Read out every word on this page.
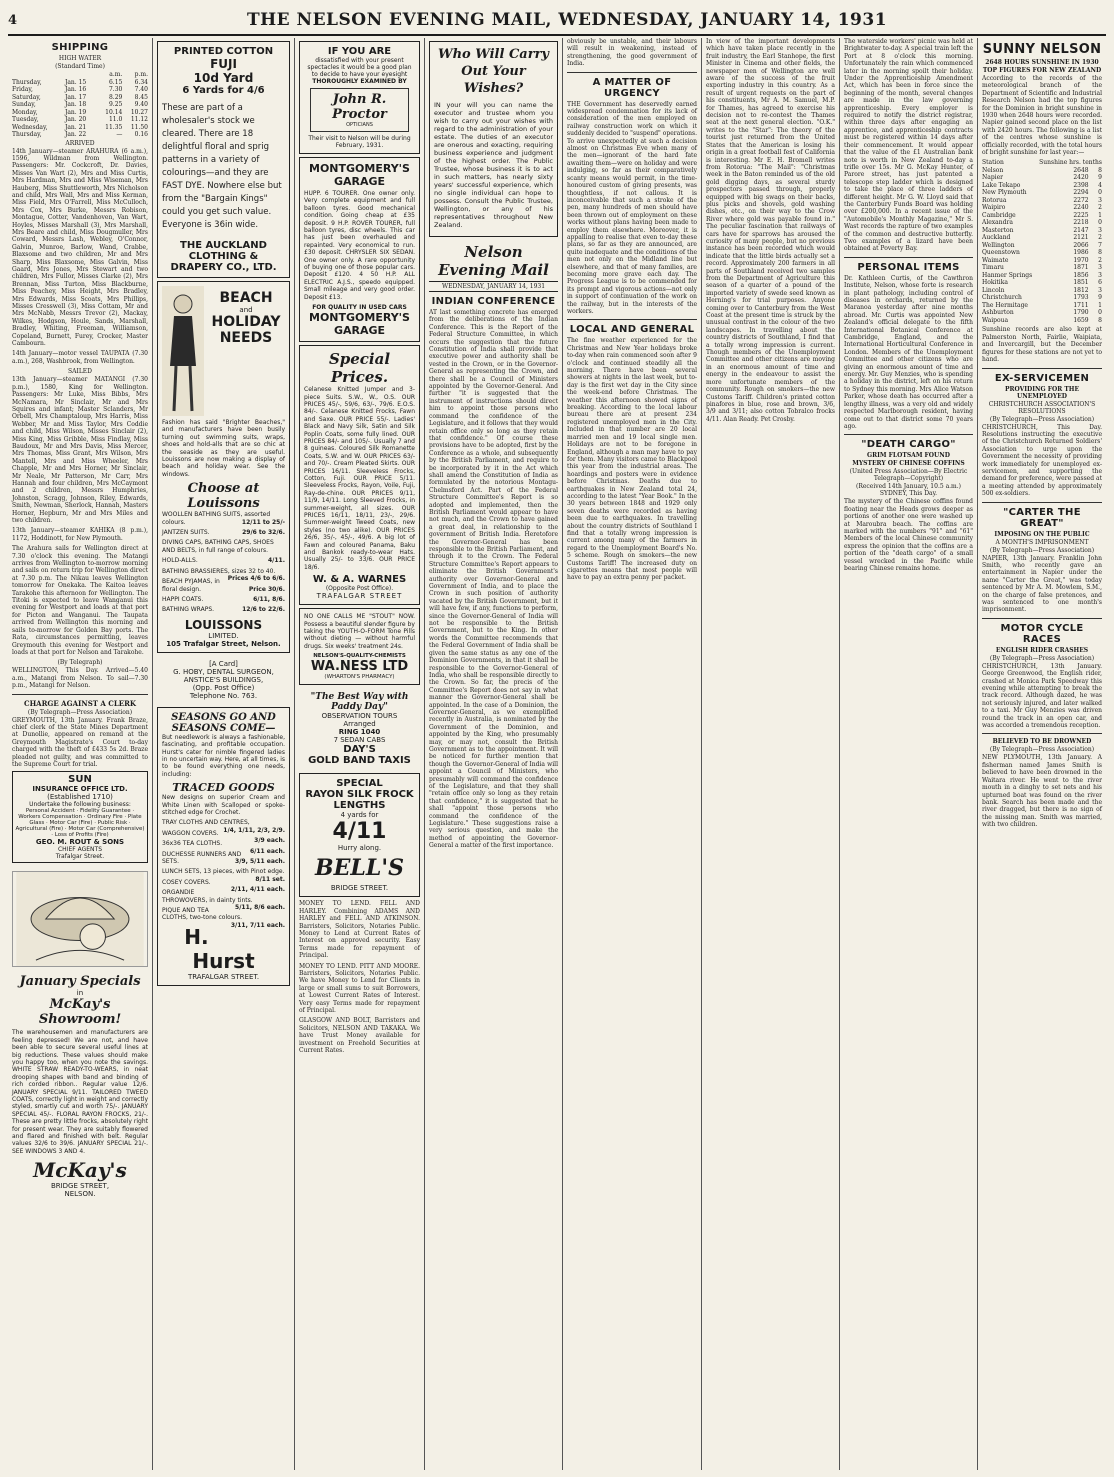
4	THE NELSON EVENING MAIL, WEDNESDAY, JANUARY 14, 1931
SHIPPING
HIGH WATER
(Standard Time)
		a.m.	p.m.
Thursday,	Jan. 15	6.15	6.34
Friday,	Jan. 16	7.30	7.40
Saturday,	Jan. 17	8.29	8.45
Sunday,	Jan. 18	9.25	9.40
Monday,	Jan. 19	10.14	10.27
Tuesday,	Jan. 20	11.0	11.12
Wednesday,	Jan. 21	11.35	11.50
Thursday,	Jan. 22	—	0.16
ARRIVED
14th January—steamer ARAHURA (6 a.m.), 1596, Wildman from Wellington. Passengers: Mr. Cockcroft, Dr. Davies, Misses Van Wart (2), Mrs and Miss Curtis, Mrs Hardman, Mrs and Miss Wiseman, Mrs Hauberg, Miss Shuttleworth, Mrs Nicholson and child, Mrs Wall, Mrs and Miss Kerman, Miss Field, Mrs O'Farrell, Miss McCulloch, Mrs Cox, Mrs Burke, Messrs Robison, Montague, Cotter, Vandenhoven, Van Wart, Hoyles, Misses Marshall (3), Mrs Marshall, Mrs Beare and child, Miss Dougmuller, Mrs Coward, Messrs Lash, Webley, O'Connor, Galvin, Munroe, Barlow, Wand, Crabbe, Blaxsome and two children, Mr and Mrs Sharp, Miss Blaxsome, Miss Galvin, Miss Gaard, Mrs Jones, Mrs Stewart and two children, Mrs Fullor, Misses Clarke (2), Mrs Brennan, Miss Turton, Miss Blackburne, Miss Peachey, Miss Height, Mrs Bradley, Mrs Edwards, Miss Scoats, Mrs Phillips, Misses Cresswell (3), Miss Cottam, Mr and Mrs McNabb, Messrs Trevor (2), Mackay, Wilkes, Hodgson, Houle, Sands, Marshall, Bradley, Whiting, Freeman, Williamson, Copeland, Burnett, Furey, Crocker, Master Cambourn.
14th January—motor vessel TAUPATA (7.30 a.m.), 268, Washbrook, from Wellington.
SAILED
13th January—steamer MATANGI (7.30 p.m.), 1580, King for Wellington. Passengers: Mr Luke, Miss Bibbs, Mrs McNamara, Mr Sinclair, Mr and Mrs Squires and infant; Master Sclanders, Mr Orbell, Mrs Champtaloup, Mrs Harris, Miss Webber, Mr and Miss Taylor, Mrs Coddie and child, Miss Wilson, Misses Sinclair (2), Miss King, Miss Gribble, Miss Findlay, Miss Baudoux, Mr and Mrs Davis, Miss Mercer, Mrs Thomas, Miss Grant, Mrs Wilson, Mrs Mantell, Mrs and Miss Wheeler, Mrs Chapple, Mr and Mrs Horner, Mr Sinclair, Mr Neale, Mr Patterson, Mr Carr, Mrs Hannah and four children, Mrs McCaymont and 2 children, Messrs Humphries, Johnston, Scragg, Johnson, Riley, Edwards, Smith, Newman, Sherlock, Hannah, Masters Horner, Hepburn, Mr and Mrs Miles and two children.
13th January—steamer KAHIKA (8 p.m.), 1172, Hoddinott, for New Plymouth.
The Arahura sails for Wellington direct at 7.30 o'clock this evening. The Matangi arrives from Wellington to-morrow morning and sails on return trip for Wellington direct at 7.30 p.m. The Nikau leaves Wellington tomorrow for Onekaka. The Kaitoa leaves Tarakohe this afternoon for Wellington. The Titoki is expected to leave Wanganui this evening for Westport and loads at that port for Picton and Wanganui. The Taupata arrived from Wellington this morning and sails to-morrow for Golden Bay ports. The Rata, circumstances permitting, leaves Greymouth this evening for Westport and loads at that port for Nelson and Tarakohe.
(By Telegraph)
WELLINGTON, This Day. Arrived—5.40 a.m., Matangi from Nelson. To sail—7.30 p.m., Matangi for Nelson.
CHARGE AGAINST A CLERK
(By Telegraph—Press Association)
GREYMOUTH, 13th January. Frank Braze, chief clerk of the State Mines Department at Dunollie, appeared on remand at the Greymouth Magistrate's Court to-day charged with the theft of £433 5s 2d. Braze pleaded not guilty, and was committed to the Supreme Court for trial.
SUN
INSURANCE OFFICE LTD.
(Established 1710)
Undertake the following business:
Personal Accident · Fidelity Guarantee · Workers Compensation · Ordinary Fire · Plate Glass · Motor Car (Fire) · Public Risk · Agricultural (Fire) · Motor Car (Comprehensive) · Loss of Profits (Fire)
GEO. M. ROUT & SONS
CHIEF AGENTS
Trafalgar Street.
January Specials
in
McKay's Showroom!
The warehousemen and manufacturers are feeling depressed! We are not, and have been able to secure several useful lines at big reductions. These values should make you happy too, when you note the savings. WHITE STRAW READY-TO-WEARS, in neat drooping shapes with band and binding of rich corded ribbon.. Regular value 12/6. JANUARY SPECIAL 9/11. TAILORED TWEED COATS, correctly light in weight and correctly styled, smartly cut and worth 75/-. JANUARY SPECIAL 45/-. FLORAL RAYON FROCKS, 21/-. These are pretty little frocks, absolutely right for present wear. They are suitably flowered and flared and finished with belt. Regular values 32/6 to 39/6. JANUARY SPECIAL 21/-. SEE WINDOWS 3 AND 4.
McKay's
BRIDGE STREET,
NELSON.
PRINTED COTTON
FUJI
10d Yard
6 Yards for 4/6
These are part of a wholesaler's stock we cleared. There are 18 delightful floral and sprig patterns in a variety of colourings—and they are FAST DYE. Nowhere else but from the "Bargain Kings" could you get such value. Everyone is 36in wide.
THE AUCKLAND
CLOTHING & DRAPERY CO., LTD.
BEACH
and
HOLIDAY
NEEDS
Fashion has said "Brighter Beaches," and manufacturers have been busily turning out swimming suits, wraps, shoes and hold-alls that are so chic at the seaside as they are useful. Louissons are now making a display of beach and holiday wear. See the windows.
Choose at Louissons
WOOLLEN BATHING SUITS, assorted colours.	12/11 to 25/-
JANTZEN SUITS.	29/6 to 32/6.
DIVING CAPS, BATHING CAPS, SHOES AND BELTS, in full range of colours.
HOLD-ALLS.	4/11.
BATHING BRASSIERES, sizes 32 to 40.
Prices 4/6 to 6/6.
BEACH PYJAMAS, in floral design.	Price 30/6.
HAPPI COATS.	6/11, 8/6.
BATHING WRAPS.	12/6 to 22/6.
LOUISSONS
LIMITED.
105 Trafalgar Street, Nelson.
[A Card]
G. HOBY, DENTAL SURGEON,
ANSTICE'S BUILDINGS,
(Opp. Post Office)
Telephone No. 763.
SEASONS GO AND SEASONS COME—
But needlework is always a fashionable, fascinating, and profitable occupation. Hurst's cater for nimble fingered ladies in no uncertain way. Here, at all times, is to be found everything one needs, including:
TRACED GOODS
New designs on superior Cream and White Linen with Scalloped or spoke-stitched edge for Crochet.
TRAY CLOTHS AND CENTRES,
1/4, 1/11, 2/3, 2/9.
WAGGON COVERS.
3/9 each.
36x36 TEA CLOTHS.
6/11 each.
DUCHESSE RUNNERS AND SETS.	3/9, 5/11 each.
LUNCH SETS, 13 pieces, with Pinot edge.
8/11 set.
COSEY COVERS.
2/11, 4/11 each.
ORGANDIE THROWOVERS, in dainty tints.
5/11, 8/6 each.
PIQUE AND TEA CLOTHS, two-tone colours.
3/11, 7/11 each.
H. Hurst
TRAFALGAR STREET.
IF YOU ARE
dissatisfied with your present spectacles it would be a good plan to decide to have your eyesight
THOROUGHLY EXAMINED BY
John R. Proctor
OPTICIANS
Their visit to Nelson will be during February, 1931.
MONTGOMERY'S GARAGE
HUPP. 6 TOURER. One owner only. Very complete equipment and full balloon tyres. Good mechanical condition. Going cheap at £35 deposit. 9 H.P. ROVER TOURER, full balloon tyres, disc wheels. This car has just been overhauled and repainted. Very economical to run. £30 deposit. CHRYSLER SIX SEDAN. One owner only. A rare opportunity of buying one of those popular cars. Deposit £120. 4 50 H.P. ALL ELECTRIC A.J.S., speedo equipped. Small mileage and very good order. Deposit £13.
FOR QUALITY IN USED CARS
MONTGOMERY'S GARAGE
Special Prices.
Celanese Knitted Jumper and 3-piece Suits. S.W., W., O.S. OUR PRICES 45/-, 59/6, 63/-, 79/6. E.O.S. 84/-. Celanese Knitted Frocks, Fawn and Saxe. OUR PRICE 55/-. Ladies' Black and Navy Silk, Satin and Silk Poplin Coats, some fully lined. OUR PRICES 84/- and 105/-. Usually 7 and 8 guineas. Coloured Silk Romanette Coats, S.W. and W. OUR PRICES 63/- and 70/-. Cream Pleated Skirts. OUR PRICES 16/11. Sleeveless Frocks, Cotton, Fuji. OUR PRICE 5/11. Sleeveless Frocks, Rayon, Voile, Fuji, Ray-de-chine. OUR PRICES 9/11, 11/9, 14/11. Long Sleeved Frocks, in summer-weight, all sizes. OUR PRICES 16/11, 18/11, 23/-, 29/6. Summer-weight Tweed Coats, new styles (no two alike). OUR PRICES 26/6, 35/-, 45/-, 49/6. A big lot of Fawn and coloured Panama, Baku and Bankok ready-to-wear Hats. Usually 25/- to 33/6. OUR PRICE 18/6.
W. & A. WARNES
(Opposite Post Office).
TRAFALGAR STREET
NO ONE CALLS ME "STOUT" NOW. Possess a beautiful slender figure by taking the YOUTH-O-FORM Tone Pills without dieting — without harmful drugs. Six weeks' treatment 24s.
NELSON'S-QUALITY-CHEMISTS
WA.NESS LTD
(WHARTON'S PHARMACY)
"The Best Way with Paddy Day"
OBSERVATION TOURS
Arranged
RING 1040
7 SEDAN CABS
DAY'S
GOLD BAND TAXIS
SPECIAL
RAYON SILK FROCK
LENGTHS
4 yards for
4/11
Hurry along.
BELL'S
BRIDGE STREET.
MONEY TO LEND. FELL AND HARLEY. Combining ADAMS AND HARLEY and FELL AND ATKINSON. Barristers, Solicitors, Notaries Public. Money to Lend at Current Rates of Interest on approved security. Easy Terms made for repayment of Principal.
MONEY TO LEND. PITT AND MOORE. Barristers, Solicitors, Notaries Public. We have Money to Lend for Clients in large or small sums to suit Borrowers, at Lowest Current Rates of Interest. Very easy Terms made for repayment of Principal.
GLASGOW AND BOLT, Barristers and Solicitors, NELSON AND TAKAKA. We have Trust Money available for investment on Freehold Securities at Current Rates.
Who Will Carry Out Your Wishes?
IN your will you can name the executor and trustee whom you wish to carry out your wishes with regard to the administration of your estate. The duties of an executor are onerous and exacting, requiring business experience and judgment of the highest order. The Public Trustee, whose business it is to act in such matters, has nearly sixty years' successful experience, which no single individual can hope to possess. Consult the Public Trustee, Wellington, or any of his representatives throughout New Zealand.
Nelson Evening Mail
WEDNESDAY, JANUARY 14, 1931
INDIAN CONFERENCE
AT last something concrete has emerged from the deliberations of the Indian Conference. This is the Report of the Federal Structure Committee, in which occurs the suggestion that the future Constitution of India shall provide that executive power and authority shall be vested in the Crown, or in the Governor-General as representing the Crown, and there shall be a Council of Ministers appointed by the Governor-General. And further "it is suggested that the instrument of instructions should direct him to appoint those persons who command the confidence of the Legislature, and it follows that they would retain office only so long as they retain that confidence." Of course these provisions have to be adopted, first by the Conference as a whole, and subsequently by the British Parliament, and require to be incorporated by it in the Act which shall amend the Constitution of India as formulated by the notorious Montagu-Chelmsford Act. Part of the Federal Structure Committee's Report is so adopted and implemented, then the British Parliament would appear to have not much, and the Crown to have gained a great deal, in relationship to the government of British India. Heretofore the Governor-General has been responsible to the British Parliament, and through it to the Crown. The Federal Structure Committee's Report appears to eliminate the British Government's authority over Governor-General and Government of India, and to place the Crown in such position of authority vacated by the British Government, but it will have few, if any, functions to perform, since the Governor-General of India will not be responsible to the British Government, but to the King. In other words the Committee recommends that the Federal Government of India shall be given the same status as any one of the Dominion Governments, in that it shall be responsible to the Governor-General of India, who shall be responsible directly to the Crown. So far, the precis of the Committee's Report does not say in what manner the Governor-General shall be appointed. In the case of a Dominion, the Governor-General, as we exemplified recently in Australia, is nominated by the Government of the Dominion, and appointed by the King, who presumably may, or may not, consult the British Government as to the appointment. It will be noticed for further mention that though the Governor-General of India will appoint a Council of Ministers, who presumably will command the confidence of the Legislature, and that they shall "retain office only so long as they retain that confidence," it is suggested that he shall "appoint those persons who command the confidence of the Legislature." These suggestions raise a very serious question, and make the method of appointing the Governor-General a matter of the first importance.
obviously be unstable, and their labours will result in weakening, instead of strengthening, the good government of India.
A MATTER OF URGENCY
THE Government has deservedly earned widespread condemnation for its lack of consideration of the men employed on railway construction work on which it suddenly decided to "suspend" operations. To arrive unexpectedly at such a decision almost on Christmas Eve when many of the men—ignorant of the hard fate awaiting them—were on holiday and were indulging, so far as their comparatively scanty means would permit, in the time-honoured custom of giving presents, was thoughtless, if not callous. It is inconceivable that such a stroke of the pen, many hundreds of men should have been thrown out of employment on these works without plans having been made to employ them elsewhere. Moreover, it is appalling to realise that even to-day these plans, so far as they are announced, are quite inadequate and the conditions of the men not only on the Midland line but elsewhere, and that of many families, are becoming more grave each day. The Progress League is to be commended for its prompt and vigorous actions—not only in support of continuation of the work on the railway, but in the interests of the workers.
LOCAL AND GENERAL
The fine weather experienced for the Christmas and New Year holidays broke to-day when rain commenced soon after 9 o'clock and continued steadily all the morning. There have been several showers at nights in the last week, but to-day is the first wet day in the City since the week-end before Christmas. The weather this afternoon showed signs of breaking. According to the local labour bureau there are at present 234 registered unemployed men in the City. Included in that number are 20 local married men and 19 local single men. Holidays are not to be foregone in England, although a man may have to pay for them. Many visitors came to Blackpool this year from the industrial areas. The hoardings and posters were in evidence before Christmas. Deaths due to earthquakes in New Zealand total 24, according to the latest "Year Book." In the 30 years between 1848 and 1929 only seven deaths were recorded as having been due to earthquakes. In travelling about the country districts of Southland I find that a totally wrong impression is current among many of the farmers in regard to the Unemployment Board's No. 5 scheme. Rough on smokers—the new Customs Tariff! The increased duty on cigarettes means that most people will have to pay an extra penny per packet.
In view of the important developments which have taken place recently in the fruit industry, the Earl Stanhope, the first Minister in Cinema and other fields, the newspaper men of Wellington are well aware of the success of the fruit exporting industry in this country. As a result of urgent requests on the part of his constituents, Mr A. M. Samuel, M.P. for Thames, has agreed to exercise his decision not to re-contest the Thames seat at the next general election. "O.K." writes to the "Star": The theory of the tourist just returned from the United States that the American is losing his origin in a great football fest of California is interesting. Mr E. H. Bromell writes from Rotorua: "The Mail": "Christmas week in the Baton reminded us of the old gold digging days, as several sturdy prospectors passed through, properly equipped with big swags on their backs, plus picks and shovels, gold washing dishes, etc., on their way to the Crow River where gold was payable found in." The peculiar fascination that railways of cars have for sparrows has aroused the curiosity of many people, but no previous instance has been recorded which would indicate that the little birds actually set a record. Approximately 200 farmers in all parts of Southland received two samples from the Department of Agriculture this season of a quarter of a pound of the imported variety of swede seed known as Herning's for trial purposes. Anyone coming over to Canterbury from the West Coast at the present time is struck by the unusual contrast in the colour of the two landscapes. In travelling about the country districts of Southland, I find that a totally wrong impression is current. Though members of the Unemployment Committee and other citizens are moving in an enormous amount of time and energy in the endeavour to assist the more unfortunate members of the community. Rough on smokers—the new Customs Tariff. Children's printed cotton pinafores in blue, rose and brown, 3/6, 3/9 and 3/11; also cotton Tobralco frocks 4/11. Alan Ready. Pet Crosby.
The waterside workers' picnic was held at Brightwater to-day. A special train left the Port at 8 o'clock this morning. Unfortunately the rain which commenced later in the morning spoilt their holiday. Under the Apprenticeship Amendment Act, which has been in force since the beginning of the month, several changes are made in the law governing apprenticeship. Every employer is required to notify the district registrar, within three days after engaging an apprentice, and apprenticeship contracts must be registered within 14 days after their commencement. It would appear that the value of the £1 Australian bank note is worth in New Zealand to-day a trifle over 15s. Mr G. McKay Hunter, of Parore street, has just patented a telescope step ladder which is designed to take the place of three ladders of different height. Mr G. W. Lloyd said that the Canterbury Funds Board was holding over £200,000. In a recent issue of the "Automobile's Monthly Magazine," Mr S. Wast records the rapture of two examples of the common and destructive butterfly. Two examples of a lizard have been obtained at Poverty Bay.
PERSONAL ITEMS
Dr. Kathleen Curtis, of the Cawthron Institute, Nelson, whose forte is research in plant pathology, including control of diseases in orchards, returned by the Maranoa yesterday after nine months abroad. Mr. Curtis was appointed New Zealand's official delegate to the fifth International Botanical Conference at Cambridge, England, and the International Horticultural Conference in London. Members of the Unemployment Committee and other citizens who are giving an enormous amount of time and energy. Mr. Guy Menzies, who is spending a holiday in the district, left on his return to Sydney this morning. Mrs Alice Watson Parker, whose death has occurred after a lengthy illness, was a very old and widely respected Marlborough resident, having come out to that district some 70 years ago.
"DEATH CARGO"
GRIM FLOTSAM FOUND
MYSTERY OF CHINESE COFFINS
(United Press Association—By Electric Telegraph—Copyright)
(Received 14th January, 10.5 a.m.) SYDNEY, This Day.
The mystery of the Chinese coffins found floating near the Heads grows deeper as portions of another one were washed up at Maroubra beach. The coffins are marked with the numbers "91" and "61" Members of the local Chinese community express the opinion that the coffins are a portion of the "death cargo" of a small vessel wrecked in the Pacific while bearing Chinese remains home.
SUNNY NELSON
2648 HOURS SUNSHINE IN 1930
TOP FIGURES FOR NEW ZEALAND
According to the records of the meteorological branch of the Department of Scientific and Industrial Research Nelson had the top figures for the Dominion in bright sunshine in 1930 when 2648 hours were recorded. Napier gained second place on the list with 2420 hours. The following is a list of the centres whose sunshine is officially recorded, with the total hours of bright sunshine for last year:—
Station	Sunshine hrs. tenths	
Nelson	2648	8
Napier	2420	9
Lake Tekapo	2398	4
New Plymouth	2294	0
Rotorua	2272	3
Waipiro	2240	2
Cambridge	2225	1
Alexandra	2218	0
Masterton	2147	3
Auckland	2121	2
Wellington	2066	7
Queenstown	1986	8
Waimate	1970	2
Timaru	1871	3
Hanmer Springs	1856	3
Hokitika	1851	6
Lincoln	1812	3
Christchurch	1793	9
The Hermitage	1711	1
Ashburton	1790	0
Waipoua	1659	8
Sunshine records are also kept at Palmerston North, Fairlie, Waipiata, and Invercargill, but the December figures for these stations are not yet to hand.
EX-SERVICEMEN
PROVIDING FOR THE UNEMPLOYED
CHRISTCHURCH ASSOCIATION'S RESOLUTIONS
(By Telegraph—Press Association)
CHRISTCHURCH, This Day. Resolutions instructing the executive of the Christchurch Returned Soldiers' Association to urge upon the Government the necessity of providing work immediately for unemployed ex-servicemen, and supporting the demand for preference, were passed at a meeting attended by approximately 500 ex-soldiers.
"CARTER THE GREAT"
IMPOSING ON THE PUBLIC
A MONTH'S IMPRISONMENT
(By Telegraph—Press Association)
NAPIER, 13th January. Franklin John Smith, who recently gave an entertainment in Napier under the name "Carter the Great," was today sentenced by Mr A. M. Mowlem, S.M., on the charge of false pretences, and was sentenced to one month's imprisonment.
MOTOR CYCLE RACES
ENGLISH RIDER CRASHES
(By Telegraph—Press Association)
CHRISTCHURCH, 13th January. George Greenwood, the English rider, crashed at Monica Park Speedway this evening while attempting to break the track record. Although dazed, he was not seriously injured, and later walked to a taxi. Mr Guy Menzies was driven round the track in an open car, and was accorded a tremendous reception.
BELIEVED TO BE DROWNED
(By Telegraph—Press Association)
NEW PLYMOUTH, 13th January. A fisherman named James Smith is believed to have been drowned in the Waitara river. He went to the river mouth in a dinghy to set nets and his upturned boat was found on the river bank. Search has been made and the river dragged, but there is no sign of the missing man. Smith was married, with two children.
